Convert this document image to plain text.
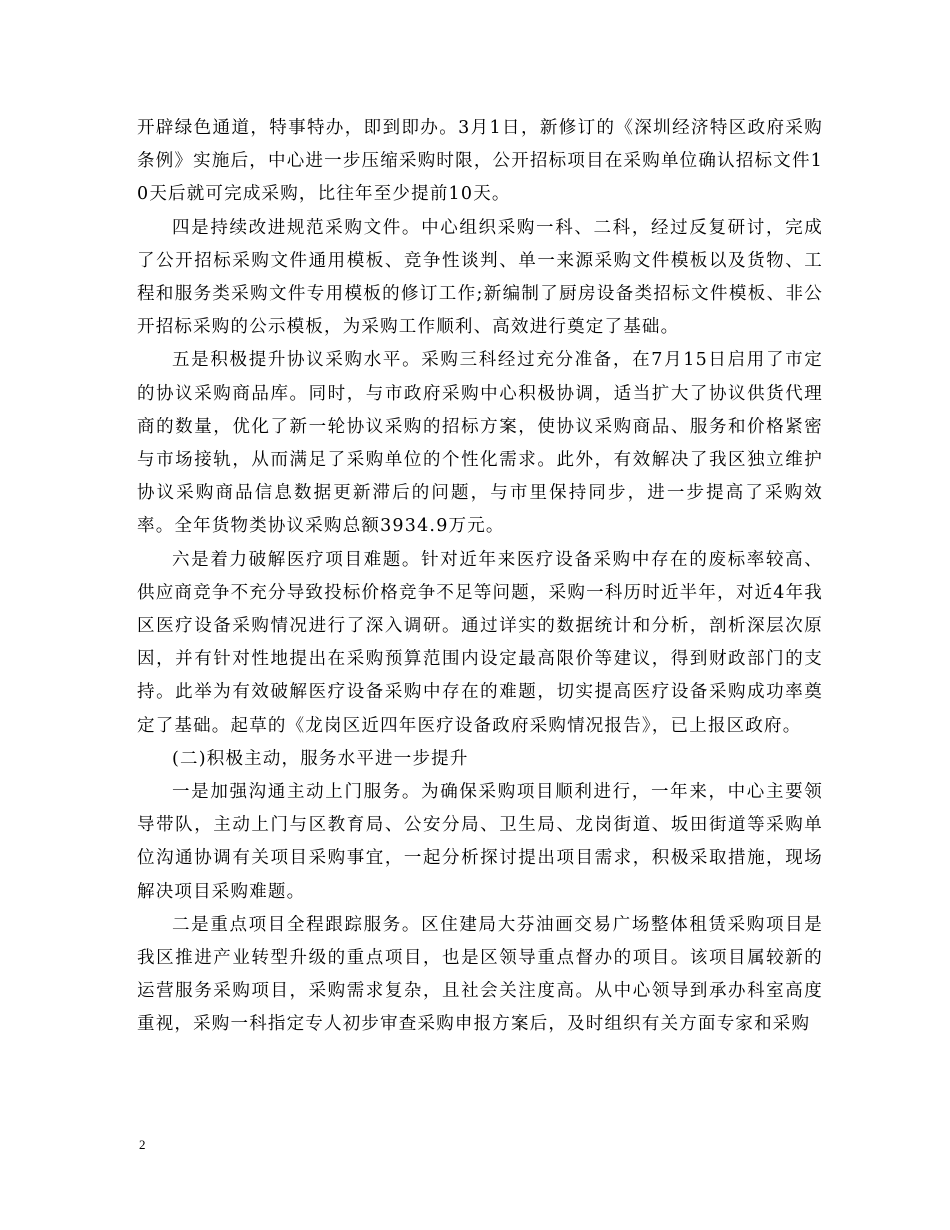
开辟绿色通道，特事特办，即到即办。3月1日，新修订的《深圳经济特区政府采购条例》实施后，中心进一步压缩采购时限，公开招标项目在采购单位确认招标文件10天后就可完成采购，比往年至少提前10天。

四是持续改进规范采购文件。中心组织采购一科、二科，经过反复研讨，完成了公开招标采购文件通用模板、竞争性谈判、单一来源采购文件模板以及货物、工程和服务类采购文件专用模板的修订工作;新编制了厨房设备类招标文件模板、非公开招标采购的公示模板，为采购工作顺利、高效进行奠定了基础。

五是积极提升协议采购水平。采购三科经过充分准备，在7月15日启用了市定的协议采购商品库。同时，与市政府采购中心积极协调，适当扩大了协议供货代理商的数量，优化了新一轮协议采购的招标方案，使协议采购商品、服务和价格紧密与市场接轨，从而满足了采购单位的个性化需求。此外，有效解决了我区独立维护协议采购商品信息数据更新滞后的问题，与市里保持同步，进一步提高了采购效率。全年货物类协议采购总额3934.9万元。

六是着力破解医疗项目难题。针对近年来医疗设备采购中存在的废标率较高、供应商竞争不充分导致投标价格竞争不足等问题，采购一科历时近半年，对近4年我区医疗设备采购情况进行了深入调研。通过详实的数据统计和分析，剖析深层次原因，并有针对性地提出在采购预算范围内设定最高限价等建议，得到财政部门的支持。此举为有效破解医疗设备采购中存在的难题，切实提高医疗设备采购成功率奠定了基础。起草的《龙岗区近四年医疗设备政府采购情况报告》，已上报区政府。

(二)积极主动，服务水平进一步提升

一是加强沟通主动上门服务。为确保采购项目顺利进行，一年来，中心主要领导带队，主动上门与区教育局、公安分局、卫生局、龙岗街道、坂田街道等采购单位沟通协调有关项目采购事宜，一起分析探讨提出项目需求，积极采取措施，现场解决项目采购难题。

二是重点项目全程跟踪服务。区住建局大芬油画交易广场整体租赁采购项目是我区推进产业转型升级的重点项目，也是区领导重点督办的项目。该项目属较新的运营服务采购项目，采购需求复杂，且社会关注度高。从中心领导到承办科室高度重视，采购一科指定专人初步审查采购申报方案后，及时组织有关方面专家和采购

2
